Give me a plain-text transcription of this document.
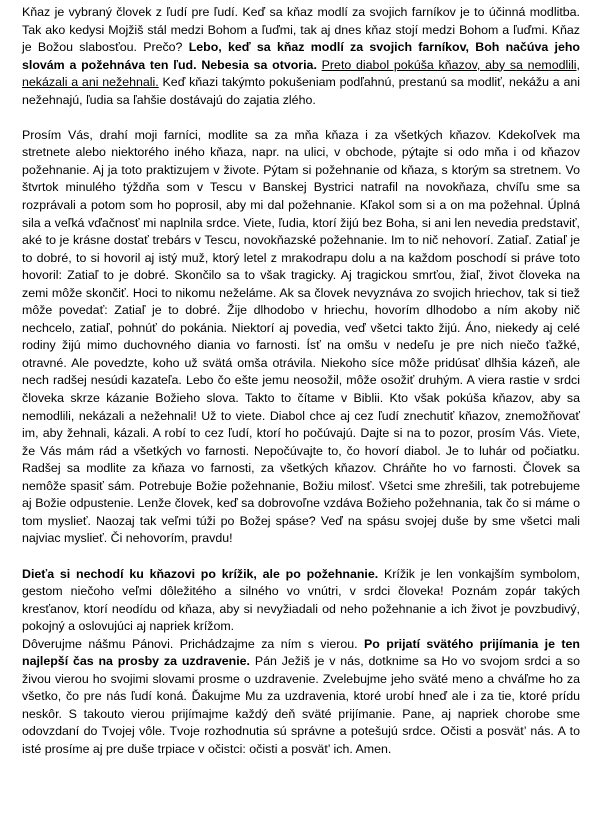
Kňaz je vybraný človek z ľudí pre ľudí. Keď sa kňaz modlí za svojich farníkov je to účinná modlitba. Tak ako kedysi Mojžiš stál medzi Bohom a ľuďmi, tak aj dnes kňaz stojí medzi Bohom a ľuďmi. Kňaz je Božou slabosťou. Prečo? Lebo, keď sa kňaz modlí za svojich farníkov, Boh načúva jeho slovám a požehnáva ten ľud. Nebesia sa otvoria. Preto diabol pokúša kňazov, aby sa nemodlili, nekázali a ani nežehnali. Keď kňazi takýmto pokušeniam podľahnú, prestanú sa modliť, nekážu a ani nežehnajú, ľudia sa ľahšie dostávajú do zajatia zlého.

Prosím Vás, drahí moji farníci, modlite sa za mňa kňaza i za všetkých kňazov. Kdekoľvek ma stretnete alebo niektorého iného kňaza, napr. na ulici, v obchode, pýtajte si odo mňa i od kňazov požehnanie. Aj ja toto praktizujem v živote. Pýtam si požehnanie od kňaza, s ktorým sa stretnem. Vo štvrtok minulého týždňa som v Tescu v Banskej Bystrici natrafil na novokňaza, chvíľu sme sa rozprávali a potom som ho poprosil, aby mi dal požehnanie. Kľakol som si a on ma požehnal. Úplná sila a veľká vďačnosť mi naplnila srdce. Viete, ľudia, ktorí žijú bez Boha, si ani len nevedia predstaviť, aké to je krásne dostať trebárs v Tescu, novokňazské požehnanie. Im to nič nehovorí. Zatiaľ. Zatiaľ je to dobré, to si hovoril aj istý muž, ktorý letel z mrakodrapu dolu a na každom poschodí si práve toto hovoril: Zatiaľ to je dobré. Skončilo sa to však tragicky. Aj tragickou smrťou, žiaľ, život človeka na zemi môže skončiť. Hoci to nikomu neželáme. Ak sa človek nevyznáva zo svojich hriechov, tak si tiež môže povedať: Zatiaľ je to dobré. Žije dlhodobo v hriechu, hovorím dlhodobo a ním akoby nič nechcelo, zatiaľ, pohnúť do pokánia. Niektorí aj povedia, veď všetci takto žijú. Áno, niekedy aj celé rodiny žijú mimo duchovného diania vo farnosti. Ísť na omšu v nedeľu je pre nich niečo ťažké, otravné. Ale povedzte, koho už svätá omša otrávila. Niekoho síce môže pridúsať dlhšia kázeň, ale nech radšej nesúdi kazateľa. Lebo čo ešte jemu neosožil, môže osožiť druhým. A viera rastie v srdci človeka skrze kázanie Božieho slova. Takto to čítame v Biblii. Kto však pokúša kňazov, aby sa nemodlili, nekázali a nežehnali! Už to viete. Diabol chce aj cez ľudí znechutiť kňazov, znemožňovať im, aby žehnali, kázali. A robí to cez ľudí, ktorí ho počúvajú. Dajte si na to pozor, prosím Vás. Viete, že Vás mám rád a všetkých vo farnosti. Nepočúvajte to, čo hovorí diabol. Je to luhár od počiatku. Radšej sa modlite za kňaza vo farnosti, za všetkých kňazov. Chráňte ho vo farnosti. Človek sa nemôže spasiť sám. Potrebuje Božie požehnanie, Božiu milosť. Všetci sme zhrešili, tak potrebujeme aj Božie odpustenie. Lenže človek, keď sa dobrovoľne vzdáva Božieho požehnania, tak čo si máme o tom myslieť. Naozaj tak veľmi túži po Božej spáse? Veď na spásu svojej duše by sme všetci mali najviac myslieť. Či nehovorím, pravdu!

Dieťa si nechodí ku kňazovi po krížik, ale po požehnanie. Krížik je len vonkajším symbolom, gestom niečoho veľmi dôležitého a silného vo vnútri, v srdci človeka! Poznám zopár takých kresťanov, ktorí neodídu od kňaza, aby si nevyžiadali od neho požehnanie a ich život je povzbudivý, pokojný a oslovujúci aj napriek krížom.

Dôverujme nášmu Pánovi. Prichádzajme za ním s vierou. Po prijatí svätého prijímania je ten najlepší čas na prosby za uzdravenie. Pán Ježiš je v nás, dotknime sa Ho vo svojom srdci a so živou vierou ho svojimi slovami prosme o uzdravenie. Zvelebujme jeho sväté meno a chváľme ho za všetko, čo pre nás ľudí koná. Ďakujme Mu za uzdravenia, ktoré urobí hneď ale i za tie, ktoré prídu neskôr. S takouto vierou prijímajme každý deň sväté prijímanie. Pane, aj napriek chorobe sme odovzdaní do Tvojej vôle. Tvoje rozhodnutia sú správne a potešujú srdce. Očisti a posvät’ nás. A to isté prosíme aj pre duše trpiace v očistci: očisti a posvät’ ich. Amen.
